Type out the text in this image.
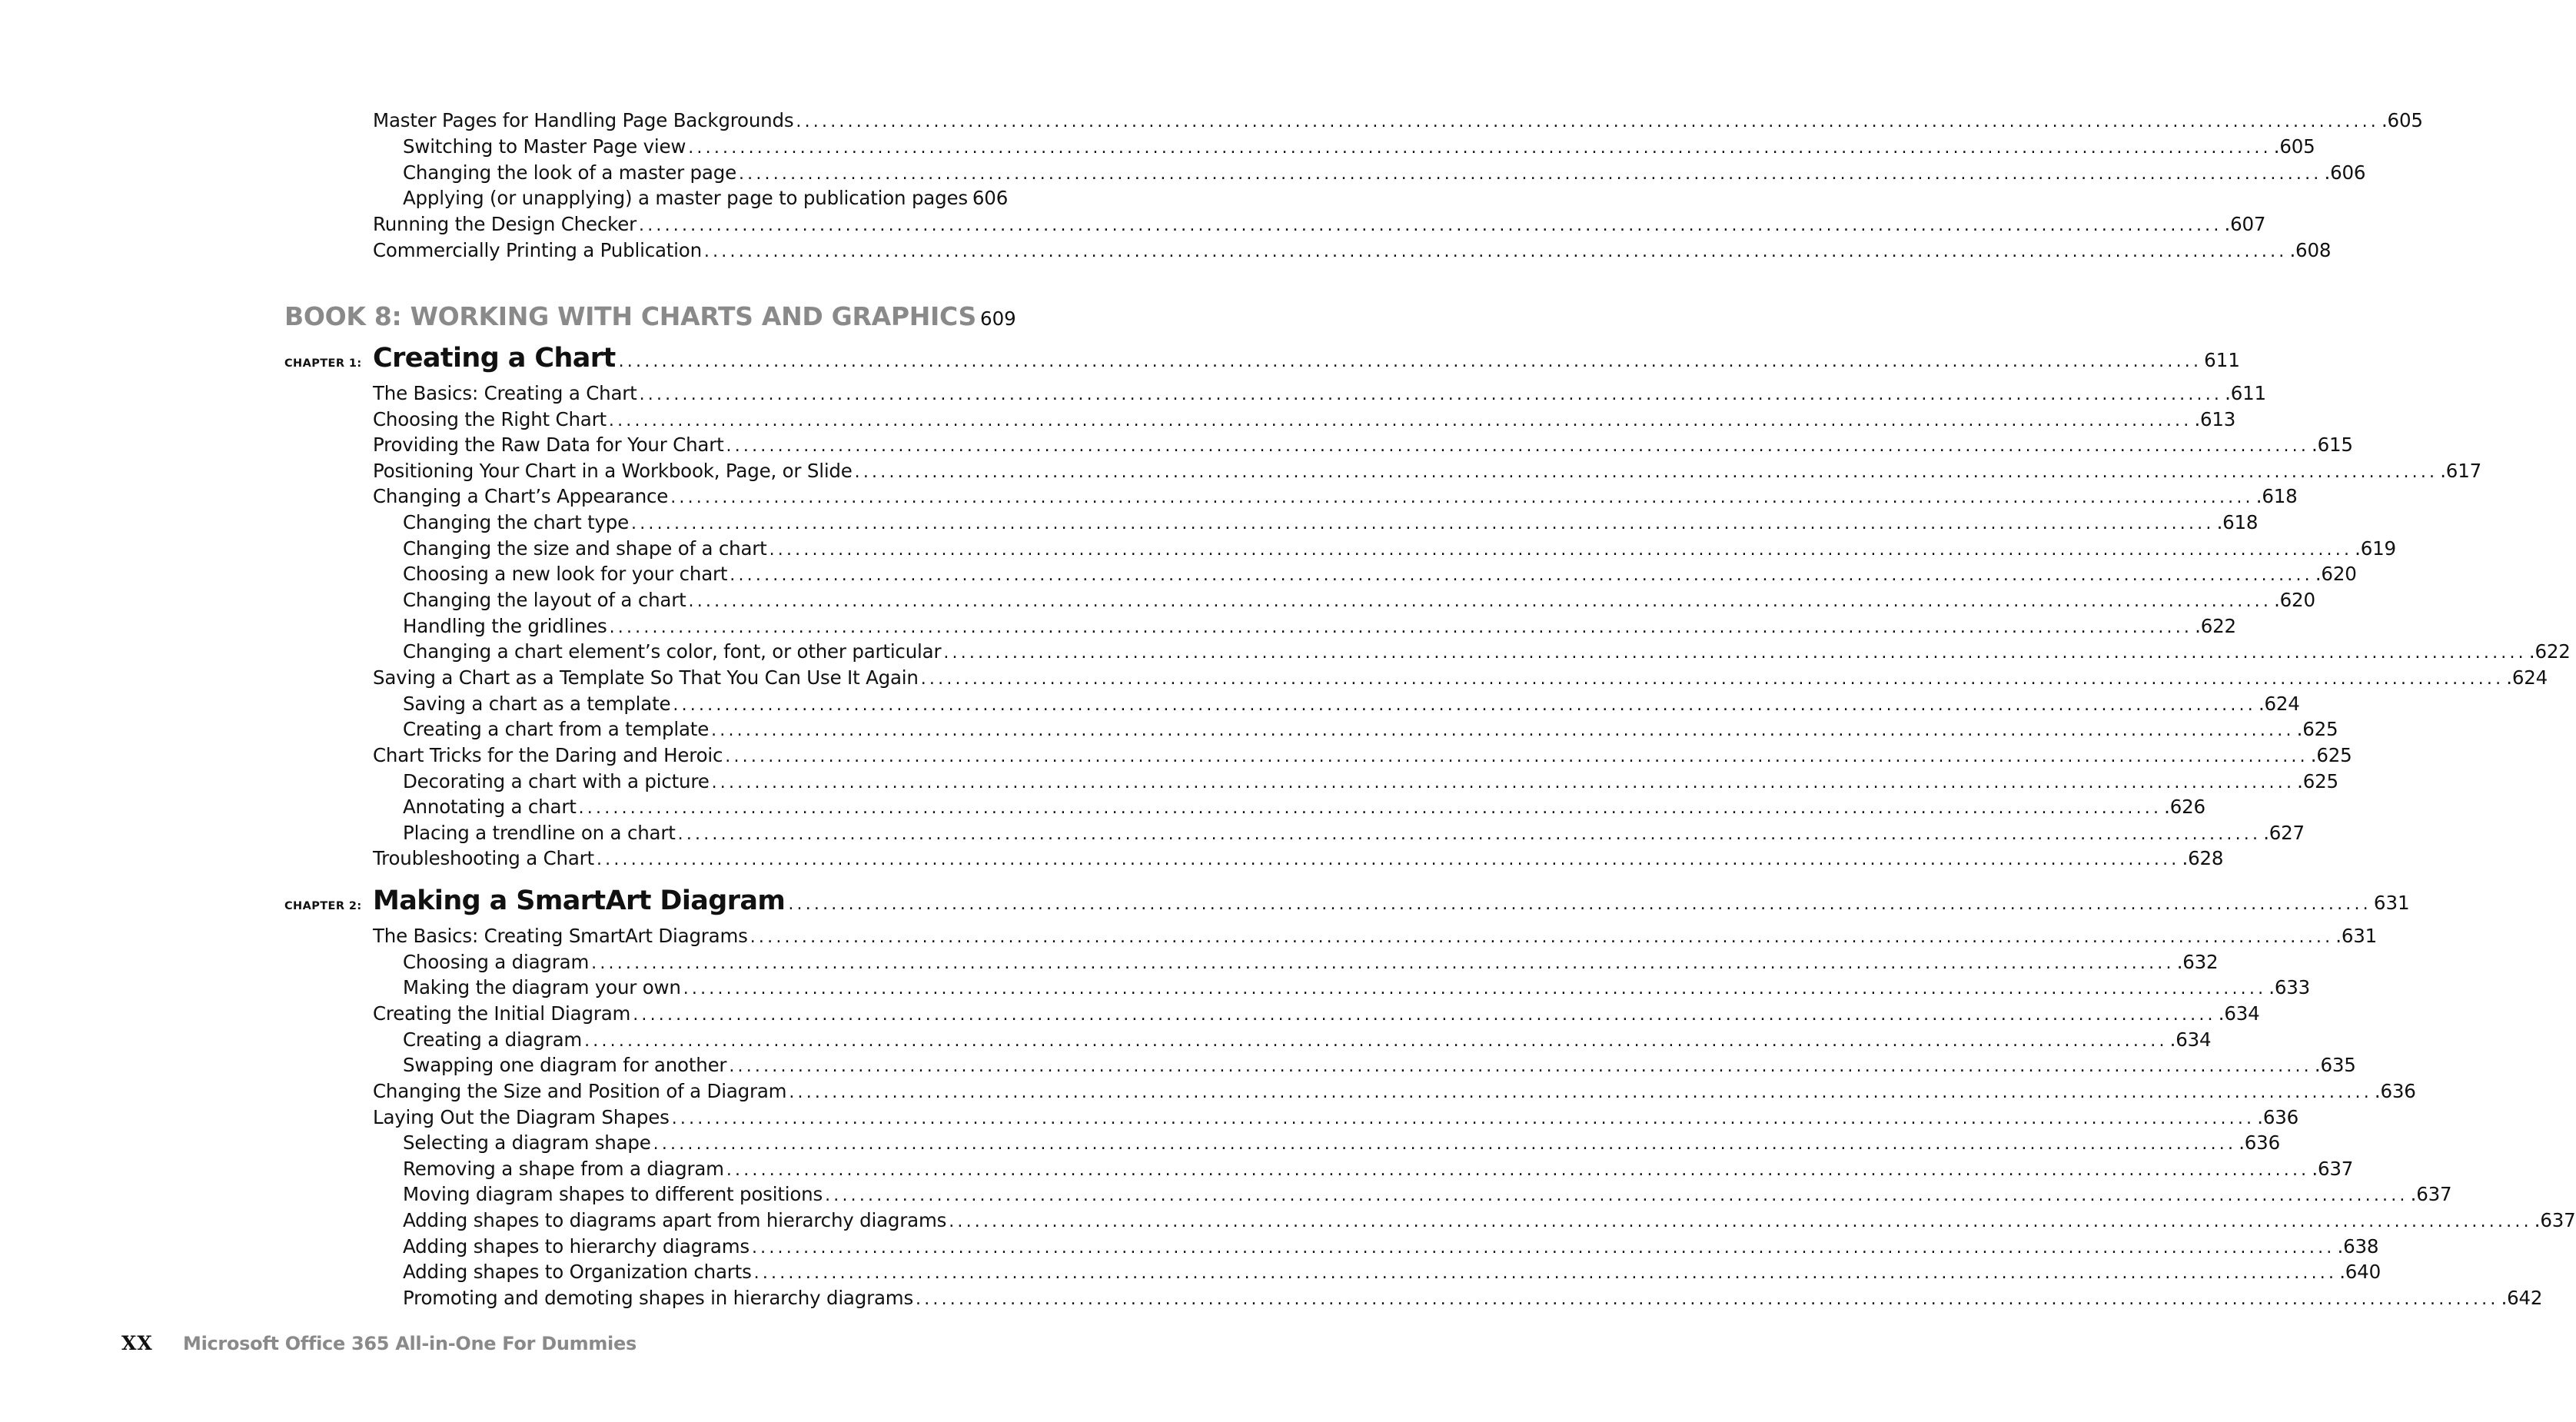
Master Pages for Handling Page Backgrounds ........................................................................................................................................................................................ .605
Switching to Master Page view ........................................................................................................................................................................................ .605
Changing the look of a master page ........................................................................................................................................................................................ .606
Applying (or unapplying) a master page to publication pages 606
Running the Design Checker ........................................................................................................................................................................................ .607
Commercially Printing a Publication ........................................................................................................................................................................................ .608
BOOK 8: WORKING WITH CHARTS AND GRAPHICS 609
CHAPTER 1: Creating a Chart ........................................................................................................................................................................................ 611
The Basics: Creating a Chart ........................................................................................................................................................................................ .611
Choosing the Right Chart ........................................................................................................................................................................................ .613
Providing the Raw Data for Your Chart ........................................................................................................................................................................................ .615
Positioning Your Chart in a Workbook, Page, or Slide ........................................................................................................................................................................................ .617
Changing a Chart’s Appearance ........................................................................................................................................................................................ .618
Changing the chart type ........................................................................................................................................................................................ .618
Changing the size and shape of a chart ........................................................................................................................................................................................ .619
Choosing a new look for your chart ........................................................................................................................................................................................ .620
Changing the layout of a chart ........................................................................................................................................................................................ .620
Handling the gridlines ........................................................................................................................................................................................ .622
Changing a chart element’s color, font, or other particular ........................................................................................................................................................................................ .622
Saving a Chart as a Template So That You Can Use It Again ........................................................................................................................................................................................ .624
Saving a chart as a template ........................................................................................................................................................................................ .624
Creating a chart from a template ........................................................................................................................................................................................ .625
Chart Tricks for the Daring and Heroic ........................................................................................................................................................................................ .625
Decorating a chart with a picture ........................................................................................................................................................................................ .625
Annotating a chart ........................................................................................................................................................................................ .626
Placing a trendline on a chart ........................................................................................................................................................................................ .627
Troubleshooting a Chart ........................................................................................................................................................................................ .628
CHAPTER 2: Making a SmartArt Diagram ........................................................................................................................................................................................ 631
The Basics: Creating SmartArt Diagrams ........................................................................................................................................................................................ .631
Choosing a diagram ........................................................................................................................................................................................ .632
Making the diagram your own ........................................................................................................................................................................................ .633
Creating the Initial Diagram ........................................................................................................................................................................................ .634
Creating a diagram ........................................................................................................................................................................................ .634
Swapping one diagram for another ........................................................................................................................................................................................ .635
Changing the Size and Position of a Diagram ........................................................................................................................................................................................ .636
Laying Out the Diagram Shapes ........................................................................................................................................................................................ .636
Selecting a diagram shape ........................................................................................................................................................................................ .636
Removing a shape from a diagram ........................................................................................................................................................................................ .637
Moving diagram shapes to different positions ........................................................................................................................................................................................ .637
Adding shapes to diagrams apart from hierarchy diagrams ........................................................................................................................................................................................ .637
Adding shapes to hierarchy diagrams ........................................................................................................................................................................................ .638
Adding shapes to Organization charts ........................................................................................................................................................................................ .640
Promoting and demoting shapes in hierarchy diagrams ........................................................................................................................................................................................ .642
XX	Microsoft Office 365 All-in-One For Dummies
